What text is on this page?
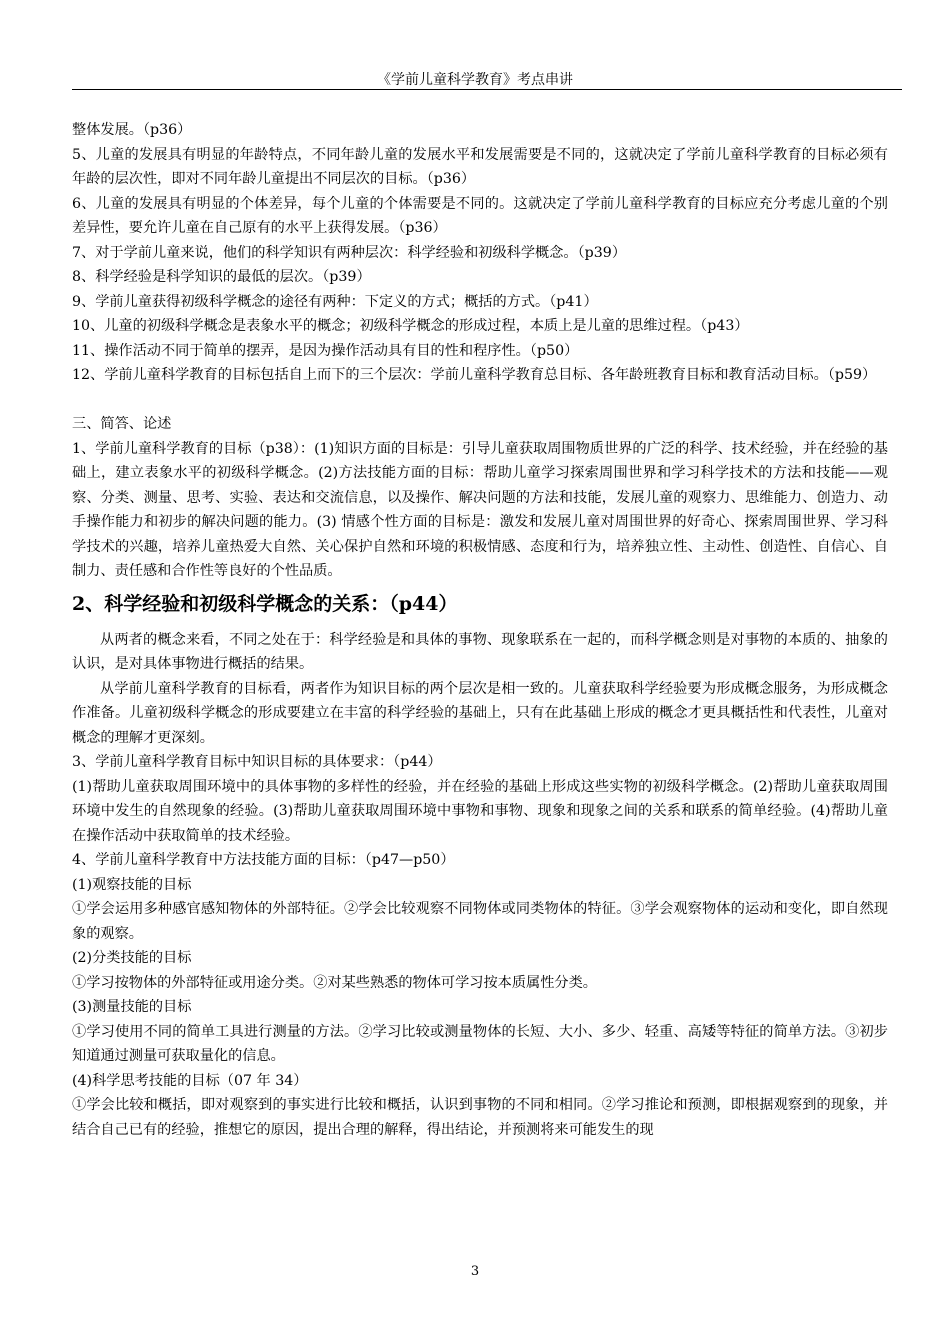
《学前儿童科学教育》考点串讲

整体发展。（p36）

5、儿童的发展具有明显的年龄特点，不同年龄儿童的发展水平和发展需要是不同的，这就决定了学前儿童科学教育的目标必须有年龄的层次性，即对不同年龄儿童提出不同层次的目标。（p36）

6、儿童的发展具有明显的个体差异，每个儿童的个体需要是不同的。这就决定了学前儿童科学教育的目标应充分考虑儿童的个别差异性，要允许儿童在自己原有的水平上获得发展。（p36）

7、对于学前儿童来说，他们的科学知识有两种层次：科学经验和初级科学概念。（p39）

8、科学经验是科学知识的最低的层次。（p39）

9、学前儿童获得初级科学概念的途径有两种：下定义的方式；概括的方式。（p41）

10、儿童的初级科学概念是表象水平的概念；初级科学概念的形成过程，本质上是儿童的思维过程。（p43）

11、操作活动不同于简单的摆弄，是因为操作活动具有目的性和程序性。（p50）

12、学前儿童科学教育的目标包括自上而下的三个层次：学前儿童科学教育总目标、各年龄班教育目标和教育活动目标。（p59）

三、简答、论述

1、学前儿童科学教育的目标（p38）：(1)知识方面的目标是：引导儿童获取周围物质世界的广泛的科学、技术经验，并在经验的基础上，建立表象水平的初级科学概念。(2)方法技能方面的目标：帮助儿童学习探索周围世界和学习科学技术的方法和技能——观察、分类、测量、思考、实验、表达和交流信息，以及操作、解决问题的方法和技能，发展儿童的观察力、思维能力、创造力、动手操作能力和初步的解决问题的能力。(3) 情感个性方面的目标是：激发和发展儿童对周围世界的好奇心、探索周围世界、学习科学技术的兴趣，培养儿童热爱大自然、关心保护自然和环境的积极情感、态度和行为，培养独立性、主动性、创造性、自信心、自制力、责任感和合作性等良好的个性品质。

2、科学经验和初级科学概念的关系：（p44）

从两者的概念来看，不同之处在于：科学经验是和具体的事物、现象联系在一起的，而科学概念则是对事物的本质的、抽象的认识，是对具体事物进行概括的结果。

从学前儿童科学教育的目标看，两者作为知识目标的两个层次是相一致的。儿童获取科学经验要为形成概念服务，为形成概念作准备。儿童初级科学概念的形成要建立在丰富的科学经验的基础上，只有在此基础上形成的概念才更具概括性和代表性，儿童对概念的理解才更深刻。

3、学前儿童科学教育目标中知识目标的具体要求：（p44）

(1)帮助儿童获取周围环境中的具体事物的多样性的经验，并在经验的基础上形成这些实物的初级科学概念。(2)帮助儿童获取周围环境中发生的自然现象的经验。(3)帮助儿童获取周围环境中事物和事物、现象和现象之间的关系和联系的简单经验。(4)帮助儿童在操作活动中获取简单的技术经验。

4、学前儿童科学教育中方法技能方面的目标：（p47—p50）

(1)观察技能的目标

①学会运用多种感官感知物体的外部特征。②学会比较观察不同物体或同类物体的特征。③学会观察物体的运动和变化，即自然现象的观察。

(2)分类技能的目标

①学习按物体的外部特征或用途分类。②对某些熟悉的物体可学习按本质属性分类。

(3)测量技能的目标

①学习使用不同的简单工具进行测量的方法。②学习比较或测量物体的长短、大小、多少、轻重、高矮等特征的简单方法。③初步知道通过测量可获取量化的信息。

(4)科学思考技能的目标（07 年 34）

①学会比较和概括，即对观察到的事实进行比较和概括，认识到事物的不同和相同。②学习推论和预测，即根据观察到的现象，并结合自己已有的经验，推想它的原因，提出合理的解释，得出结论，并预测将来可能发生的现

3
